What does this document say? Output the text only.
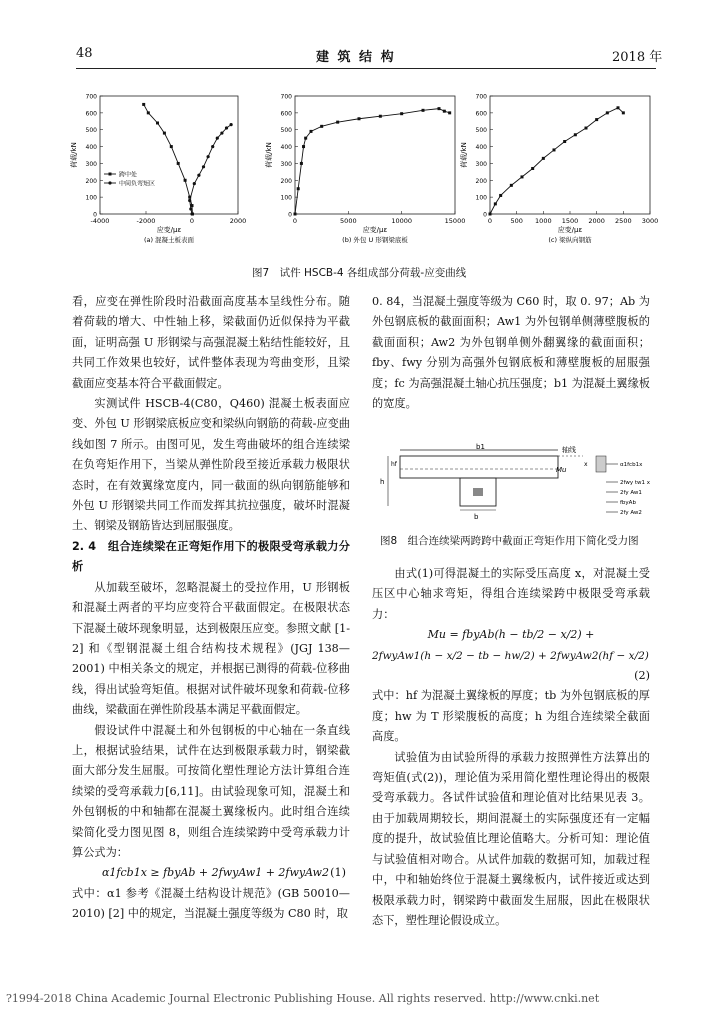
48	建 筑 结 构	2018 年
0
100
200
300
400
500
600
700
-4000	-2000	0	2000
荷载/kN
应变/με
(a) 混凝土板表面
跨中处
中间负弯矩区
0
100
200
300
400
500
600
700
0	5000	10000	15000
荷载/kN
应变/με
(b) 外包 U 形钢梁底板
0
100
200
300
400
500
600
700
0	500 1000 1500 2000 2500 3000
荷载/kN
应变/με
(c) 梁纵向钢筋
图7　试件 HSCB-4 各组成部分荷载-应变曲线

看，应变在弹性阶段时沿截面高度基本呈线性分布。随着荷载的增大、中性轴上移，梁截面仍近似保持为平截面，证明高强 U 形钢梁与高强混凝土粘结性能较好，且共同工作效果也较好，试件整体表现为弯曲变形，且梁截面应变基本符合平截面假定。

实测试件 HSCB-4(C80，Q460) 混凝土板表面应变、外包 U 形钢梁底板应变和梁纵向钢筋的荷载-应变曲线如图 7 所示。由图可见，发生弯曲破坏的组合连续梁在负弯矩作用下，当梁从弹性阶段至接近承载力极限状态时，在有效翼缘宽度内，同一截面的纵向钢筋能够和外包 U 形钢梁共同工作而发挥其抗拉强度，破坏时混凝土、钢梁及钢筋皆达到屈服强度。

2. 4　组合连续梁在正弯矩作用下的极限受弯承载力分析

从加载至破坏，忽略混凝土的受拉作用，U 形钢板和混凝土两者的平均应变符合平截面假定。在极限状态下混凝土破坏现象明显，达到极限压应变。参照文献 [1-2] 和《型钢混凝土组合结构技术规程》(JGJ 138—2001) 中相关条文的规定，并根据已测得的荷载-位移曲线，得出试验弯矩值。根据对试件破坏现象和荷载-位移曲线，梁截面在弹性阶段基本满足平截面假定。

假设试件中混凝土和外包钢板的中心轴在一条直线上，根据试验结果，试件在达到极限承载力时，钢梁截面大部分发生屈服。可按简化塑性理论方法计算组合连续梁的受弯承载力[6,11]。由试验现象可知，混凝土和外包钢板的中和轴都在混凝土翼缘板内。此时组合连续梁简化受力图见图 8，则组合连续梁跨中受弯承载力计算公式为：

α1fcb1x ≥ fbyAb + 2fwyAw1 + 2fwyAw2 (1)

式中：α1 参考《混凝土结构设计规范》(GB 50010—2010) [2] 中的规定，当混凝土强度等级为 C80 时，取

0. 84，当混凝土强度等级为 C60 时，取 0. 97；Ab 为外包钢底板的截面面积；Aw1 为外包钢单侧薄壁腹板的截面面积；Aw2 为外包钢单侧外翻翼缘的截面面积；fby、fwy 分别为高强外包钢底板和薄壁腹板的屈服强度；fc 为高强混凝土轴心抗压强度；b1 为混凝土翼缘板的宽度。

b1
b
h
hf
轴线
Mu
x	α1fcb1x
2fwy tw1 x
2fy Aw1
fbyAb
2fy Aw2
图8　组合连续梁两跨跨中截面正弯矩作用下简化受力图

由式(1)可得混凝土的实际受压高度 x，对混凝土受压区中心轴求弯矩，得组合连续梁跨中极限受弯承载力：

Mu = fbyAb(h − tb/2 − x/2) +

2fwyAw1(h − x/2 − tb − hw/2) + 2fwyAw2(hf − x/2)

(2)

式中：hf 为混凝土翼缘板的厚度；tb 为外包钢底板的厚度；hw 为 T 形梁腹板的高度；h 为组合连续梁全截面高度。

试验值为由试验所得的承载力按照弹性方法算出的弯矩值(式(2))，理论值为采用简化塑性理论得出的极限受弯承载力。各试件试验值和理论值对比结果见表 3。由于加载周期较长，期间混凝土的实际强度还有一定幅度的提升，故试验值比理论值略大。分析可知：理论值与试验值相对吻合。从试件加载的数据可知，加载过程中，中和轴始终位于混凝土翼缘板内，试件接近或达到极限承载力时，钢梁跨中截面发生屈服，因此在极限状态下，塑性理论假设成立。

?1994-2018 China Academic Journal Electronic Publishing House. All rights reserved. http://www.cnki.net
